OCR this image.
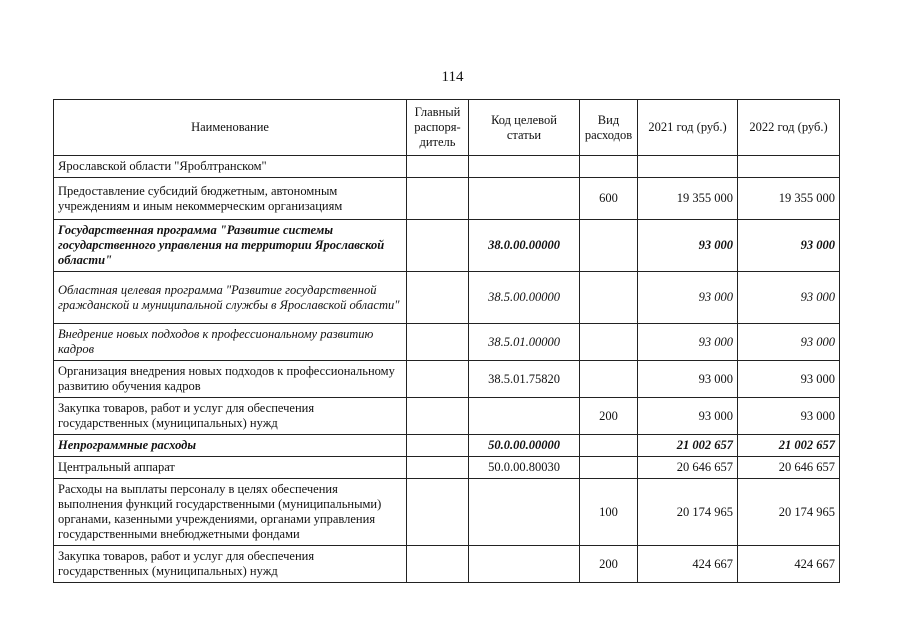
114
Наименование	Главный распоря-дитель	Код целевой статьи	Вид расходов	2021 год (руб.)	2022 год (руб.)
Ярославской области "Яроблтранском"					
Предоставление субсидий бюджетным, автономным учреждениям и иным некоммерческим организациям			600	19 355 000	19 355 000
Государственная программа "Развитие системы государственного управления на территории Ярославской области"		38.0.00.00000		93 000	93 000
Областная целевая программа "Развитие государственной гражданской и муниципальной службы в Ярославской области"		38.5.00.00000		93 000	93 000
Внедрение новых подходов к профессиональному развитию кадров		38.5.01.00000		93 000	93 000
Организация внедрения новых подходов к профессиональному развитию обучения кадров		38.5.01.75820		93 000	93 000
Закупка товаров, работ и услуг для обеспечения государственных (муниципальных) нужд			200	93 000	93 000
Непрограммные расходы		50.0.00.00000		21 002 657	21 002 657
Центральный аппарат		50.0.00.80030		20 646 657	20 646 657
Расходы на выплаты персоналу в целях обеспечения выполнения функций государственными (муниципальными) органами, казенными учреждениями, органами управления государственными внебюджетными фондами			100	20 174 965	20 174 965
Закупка товаров, работ и услуг для обеспечения государственных (муниципальных) нужд			200	424 667	424 667
